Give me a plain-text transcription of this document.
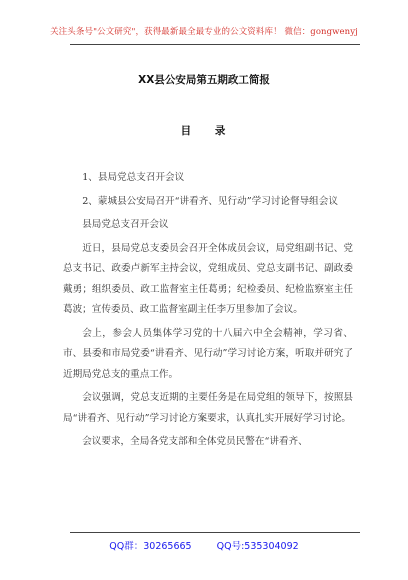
关注头条号"公文研究"，获得最新最全最专业的公文资料库！ 微信：gongwenyj
XX县公安局第五期政工简报
目 录

1、县局党总支召开会议

2、蒙城县公安局召开“讲看齐、见行动”学习讨论督导组会议

县局党总支召开会议

近日，县局党总支委员会召开全体成员会议，局党组副书记、党总支书记、政委卢新军主持会议，党组成员、党总支副书记、副政委戴勇；组织委员、政工监督室主任葛勇；纪检委员、纪检监察室主任葛波；宣传委员、政工监督室副主任李万里参加了会议。

会上，参会人员集体学习党的十八届六中全会精神，学习省、市、县委和市局党委“讲看齐、见行动”学习讨论方案，听取并研究了近期局党总支的重点工作。

会议强调，党总支近期的主要任务是在局党组的领导下，按照县局“讲看齐、见行动”学习讨论方案要求，认真扎实开展好学习讨论。

会议要求，全局各党支部和全体党员民警在“讲看齐、

QQ群：30265665	QQ号:535304092
